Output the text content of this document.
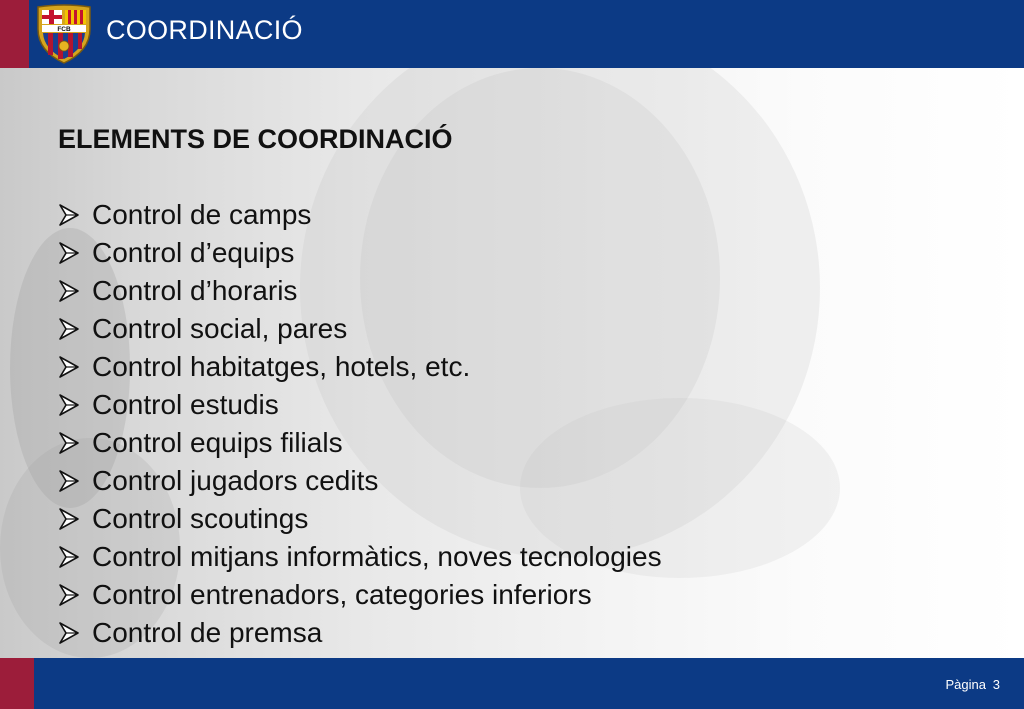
FCB COORDINACIÓ
ELEMENTS DE COORDINACIÓ
Control de camps
Control d’equips
Control d’horaris
Control social, pares
Control habitatges, hotels, etc.
Control estudis
Control equips filials
Control jugadors cedits
Control scoutings
Control mitjans informàtics, noves tecnologies
Control entrenadors, categories inferiors
Control de premsa
Pàgina 3
